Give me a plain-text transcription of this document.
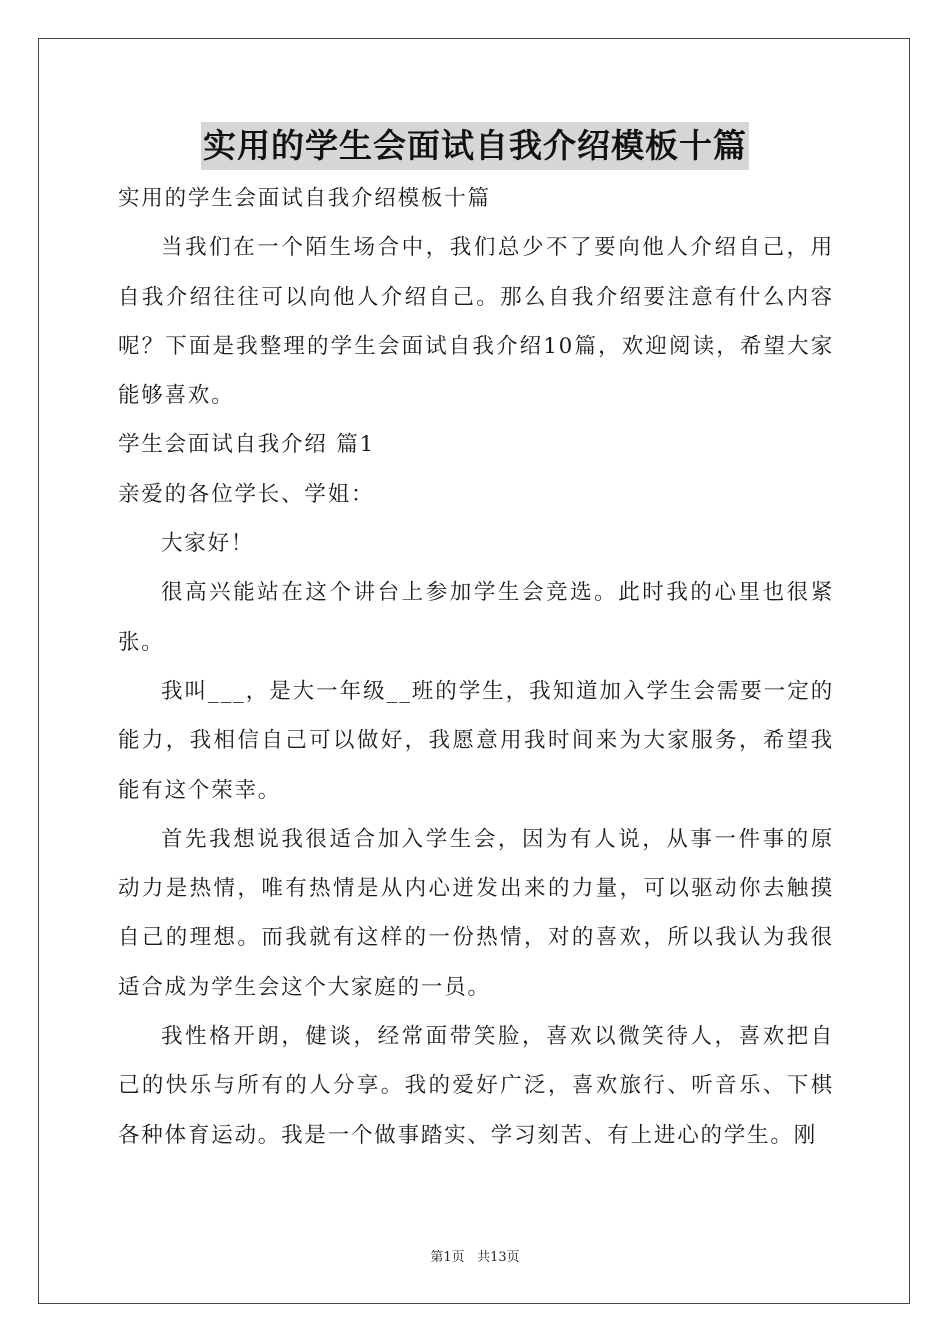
实用的学生会面试自我介绍模板十篇

实用的学生会面试自我介绍模板十篇

当我们在一个陌生场合中，我们总少不了要向他人介绍自己，用自我介绍往往可以向他人介绍自己。那么自我介绍要注意有什么内容呢？下面是我整理的学生会面试自我介绍10篇，欢迎阅读，希望大家能够喜欢。

学生会面试自我介绍 篇1

亲爱的各位学长、学姐：

大家好！

很高兴能站在这个讲台上参加学生会竞选。此时我的心里也很紧张。

我叫___，是大一年级__班的学生，我知道加入学生会需要一定的能力，我相信自己可以做好，我愿意用我时间来为大家服务，希望我能有这个荣幸。

首先我想说我很适合加入学生会，因为有人说，从事一件事的原动力是热情，唯有热情是从内心迸发出来的力量，可以驱动你去触摸自己的理想。而我就有这样的一份热情，对的喜欢，所以我认为我很适合成为学生会这个大家庭的一员。

我性格开朗，健谈，经常面带笑脸，喜欢以微笑待人，喜欢把自己的快乐与所有的人分享。我的爱好广泛，喜欢旅行、听音乐、下棋各种体育运动。我是一个做事踏实、学习刻苦、有上进心的学生。刚

第1页 共13页
